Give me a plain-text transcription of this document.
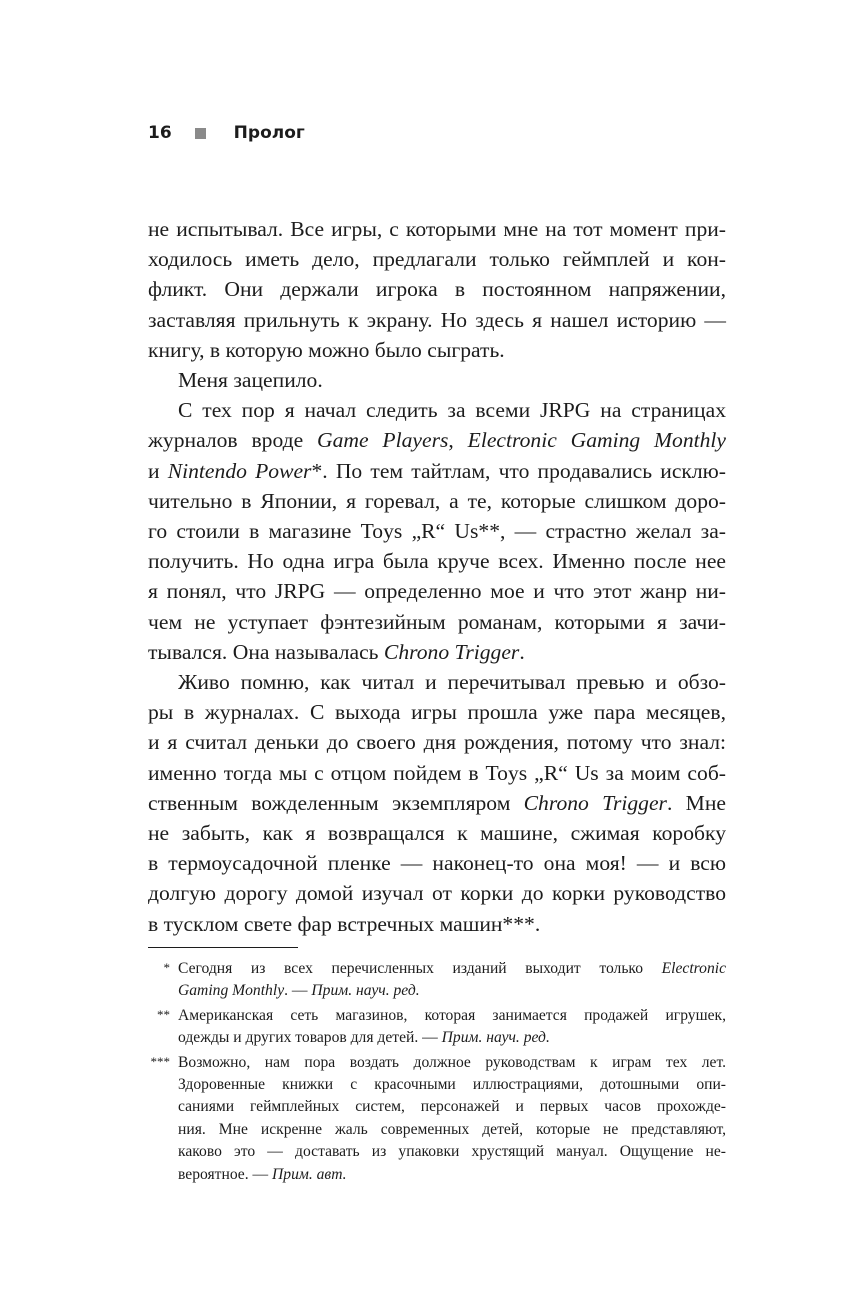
16	Пролог
не испытывал. Все игры, с которыми мне на тот момент при-
ходилось иметь дело, предлагали только геймплей и кон-
фликт. Они держали игрока в постоянном напряжении,
заставляя прильнуть к экрану. Но здесь я нашел историю —
книгу, в которую можно было сыграть.
Меня зацепило.
С тех пор я начал следить за всеми JRPG на страницах
журналов вроде Game Players, Electronic Gaming Monthly
и Nintendo Power*. По тем тайтлам, что продавались исклю-
чительно в Японии, я горевал, а те, которые слишком доро-
го стоили в магазине Toys „R“ Us**, — страстно желал за-
получить. Но одна игра была круче всех. Именно после нее
я понял, что JRPG — определенно мое и что этот жанр ни-
чем не уступает фэнтезийным романам, которыми я зачи-
тывался. Она называлась Chrono Trigger.
Живо помню, как читал и перечитывал превью и обзо-
ры в журналах. С выхода игры прошла уже пара месяцев,
и я считал деньки до своего дня рождения, потому что знал:
именно тогда мы с отцом пойдем в Toys „R“ Us за моим соб-
ственным вожделенным экземпляром Chrono Trigger. Мне
не забыть, как я возвращался к машине, сжимая коробку
в термоусадочной пленке — наконец-то она моя! — и всю
долгую дорогу домой изучал от корки до корки руководство
в тусклом свете фар встречных машин***.
* Сегодня из всех перечисленных изданий выходит только Electronic
Gaming Monthly. — Прим. науч. ред.
** Американская сеть магазинов, которая занимается продажей игрушек,
одежды и других товаров для детей. — Прим. науч. ред.
*** Возможно, нам пора воздать должное руководствам к играм тех лет.
Здоровенные книжки с красочными иллюстрациями, дотошными опи-
саниями геймплейных систем, персонажей и первых часов прохожде-
ния. Мне искренне жаль современных детей, которые не представляют,
каково это — доставать из упаковки хрустящий мануал. Ощущение не-
вероятное. — Прим. авт.
